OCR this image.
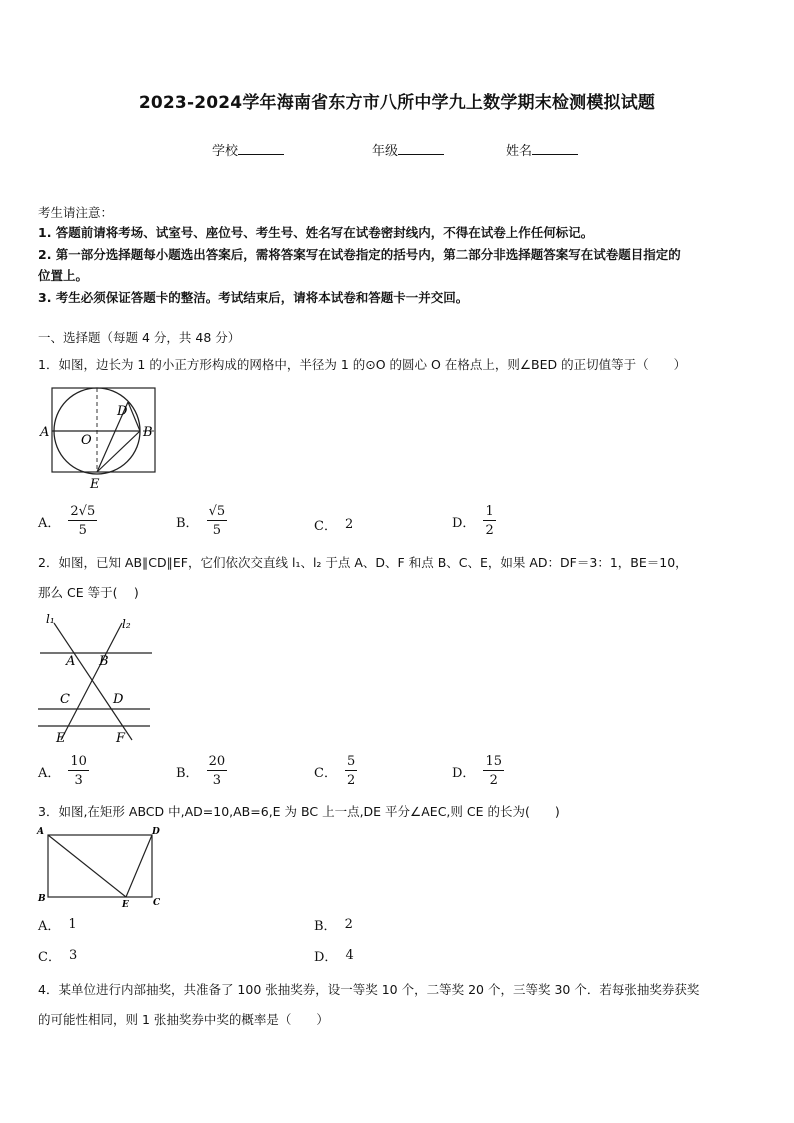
2023-2024学年海南省东方市八所中学九上数学期末检测模拟试题
学校	年级	姓名
考生请注意：
1. 答题前请将考场、试室号、座位号、考生号、姓名写在试卷密封线内，不得在试卷上作任何标记。
2. 第一部分选择题每小题选出答案后，需将答案写在试卷指定的括号内，第二部分非选择题答案写在试卷题目指定的
位置上。
3. 考生必须保证答题卡的整洁。考试结束后，请将本试卷和答题卡一并交回。
一、选择题（每题 4 分，共 48 分）
1．如图，边长为 1 的小正方形构成的网格中，半径为 1 的⊙O 的圆心 O 在格点上，则∠BED 的正切值等于（　　）
A	B
D
O
E
A． $\frac{2√5}{5}$	B． $\frac{√5}{5}$	C． 2	D． $\frac{1}{2}$
2．如图，已知 AB∥CD∥EF，它们依次交直线 l₁、l₂ 于点 A、D、F 和点 B、C、E，如果 AD：DF＝3：1，BE＝10，
那么 CE 等于(　 )
l₁	l₂
A B
C	D
E	F
A． $\frac{10}{3}$	B． $\frac{20}{3}$	C． $\frac{5}{2}$	D． $\frac{15}{2}$
3．如图,在矩形 ABCD 中,AD=10,AB=6,E 为 BC 上一点,DE 平分∠AEC,则 CE 的长为(　　)
A	D
B	C
E
A． 1	B． 2
C． 3	D． 4
4．某单位进行内部抽奖，共准备了 100 张抽奖券，设一等奖 10 个，二等奖 20 个，三等奖 30 个．若每张抽奖券获奖
的可能性相同，则 1 张抽奖券中奖的概率是（　　）
